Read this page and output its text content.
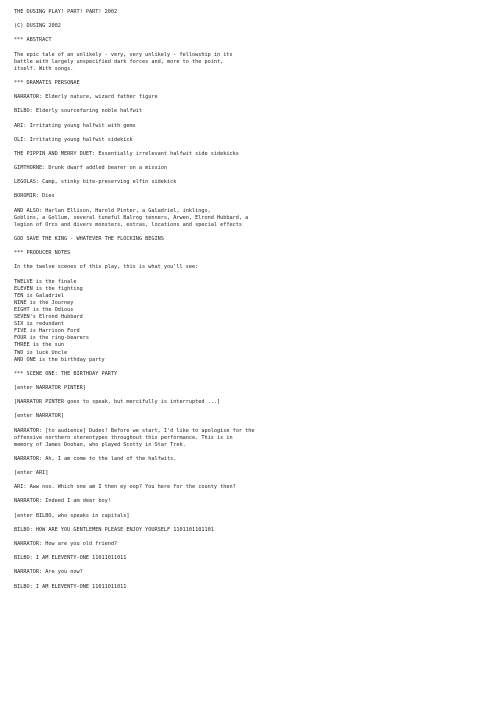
THE DUSING PLAY! PART! PART! 2002
(C) DUSING 2002
*** ABSTRACT
The epic tale of an unlikely - very, very unlikely - fellowship in its
battle with largely unspecified dark forces and, more to the point,
itself. With songs.
*** DRAMATIS PERSONAE
NARRATOR: Elderly nature, wizard father figure
BILBO: Elderly sourcefaring noble halfwit
ARI: Irritating young halfwit with gems
OLI: Irritating young halfwit sidekick
THE PIPPIN AND MERRY DUET: Essentially irrelevant halfwit side sidekicks
GIMTHORNE: Drunk dwarf addled bearer on a mission
LEGOLAS: Camp, stinky bite-preserving elfin sidekick
BOROMIR: Dies
AND ALSO: Harlan Ellison, Harold Pinter, a Galadriel, inklings,
Goblins, a Gollum, several tuneful Balrog tenners, Arwen, Elrond Hubbard, a
legion of Orcs and divers monsters, extras, locations and special effects
GOD SAVE THE KING - WHATEVER THE FLOCKING BEGINS
*** PRODUCER NOTES
In the twelve scenes of this play, this is what you'll see:
TWELVE is the finale
ELEVEN is the fighting
TEN is Galadriel
NINE is the Journey
EIGHT is the Odious
SEVEN's Elrond Hubbard
SIX is redundant
FIVE is Harrison Ford
FOUR is the ring-bearers
THREE is the sun
TWO is luck Uncle
AND ONE is the birthday party
*** SCENE ONE: THE BIRTHDAY PARTY
[enter NARRATOR PINTER]
[NARRATOR PINTER goes to speak, but mercifully is interrupted ...]
[enter NARRATOR]
NARRATOR: [to audience] Dudes! Before we start, I'd like to apologise for the
offensive northern stereotypes throughout this performance. This is in
memory of James Doohan, who played Scotty in Star Trek.
NARRATOR: Ah, I am come to the land of the halfwits.
[enter ARI]
ARI: Aww noo. Which one am I then ey oop? You here for the county then?
NARRATOR: Indeed I am dear boy!
[enter BILBO, who speaks in capitals]
BILBO: HOW ARE YOU GENTLEMEN PLEASE ENJOY YOURSELF 1101101101101
NARRATOR: How are you old friend?
BILBO: I AM ELEVENTY-ONE 11011011011
NARRATOR: Are you now?
BILBO: I AM ELEVENTY-ONE 11011011011
